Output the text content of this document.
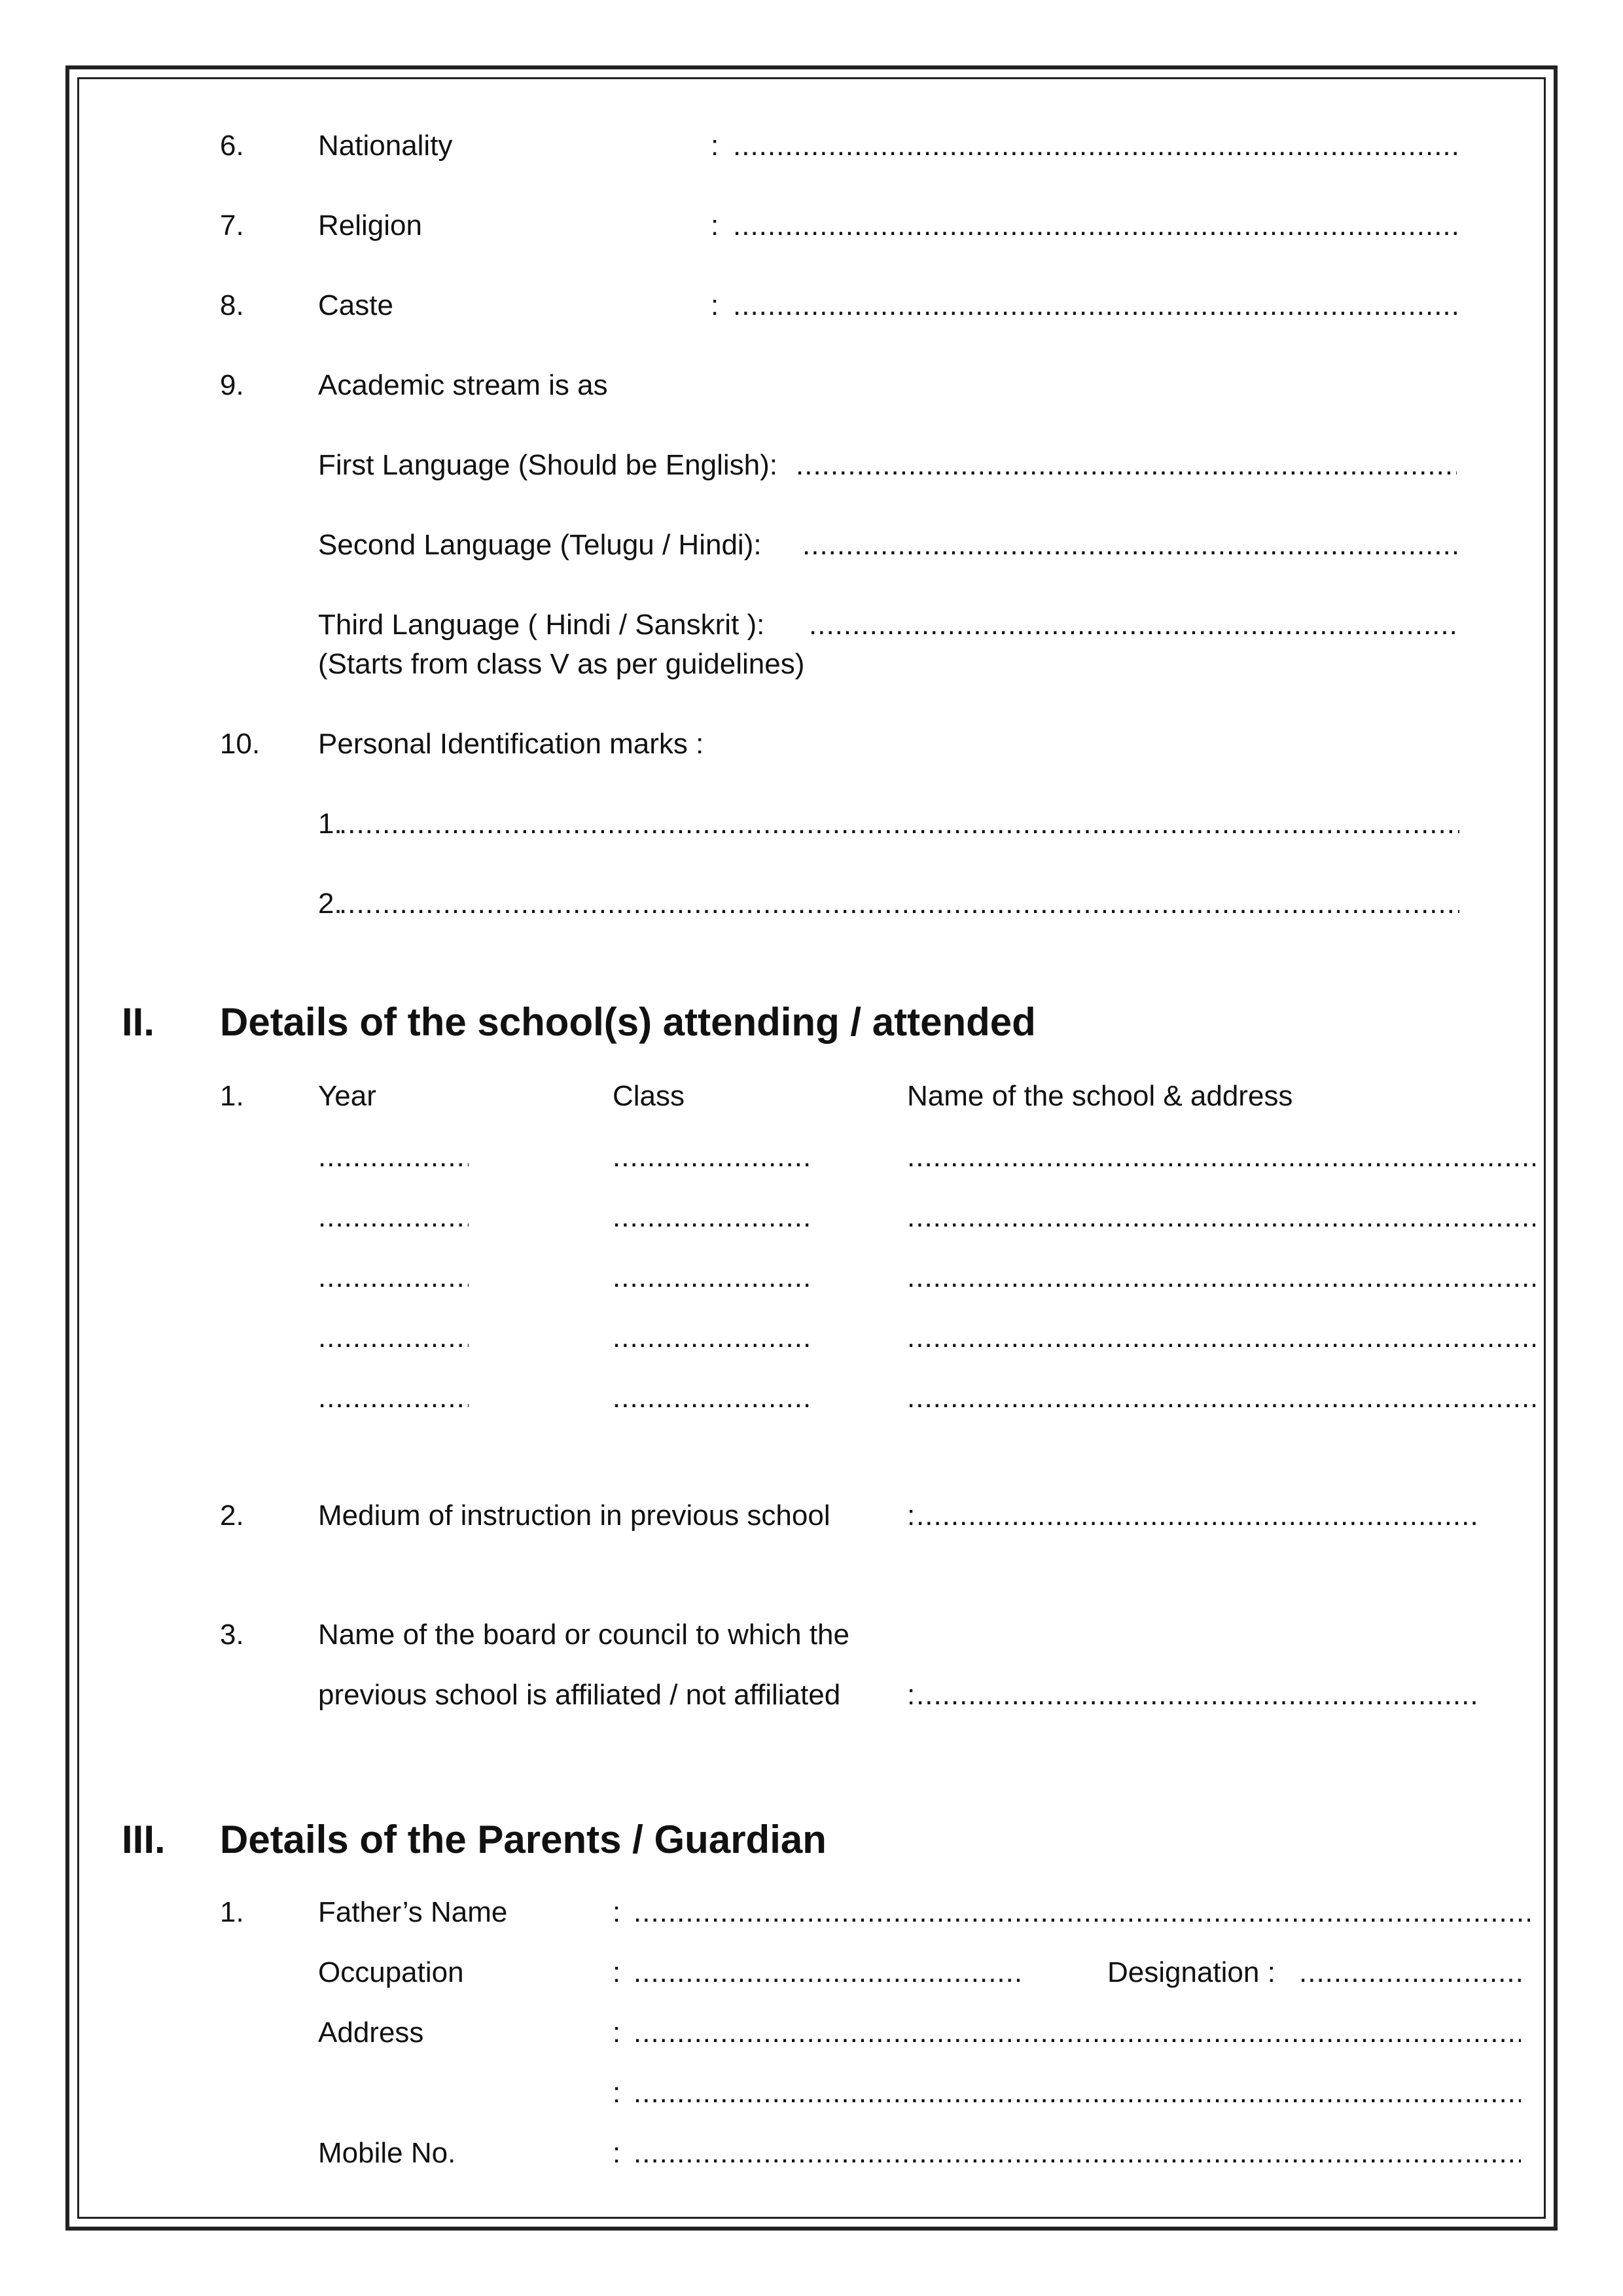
6.	Nationality	:
.....
7.	Religion	:
.....
8.	Caste	:
.....
9.	Academic stream is as
First Language (Should be English):
.....
Second Language (Telugu / Hindi):
.....
Third Language ( Hindi / Sanskrit ):
.....
(Starts from class V as per guidelines)
10. Personal Identification marks :
1.
.....
2.
.....
II. Details of the school(s) attending / attended
1.	Year	Class	Name of the school & address
.....
.....
.....
.....
.....
.....
.....
.....
.....
.....
.....
.....
.....
.....
.....
2.	Medium of instruction in previous school	:
.....
3.	Name of the board or council to which the
previous school is affiliated / not affiliated :
.....
III. Details of the Parents / Guardian
1.	Father’s Name	:
.....
Occupation	:
.....	Designation :
.....
Address	:
.....
:
.....
Mobile No.	:
.....
